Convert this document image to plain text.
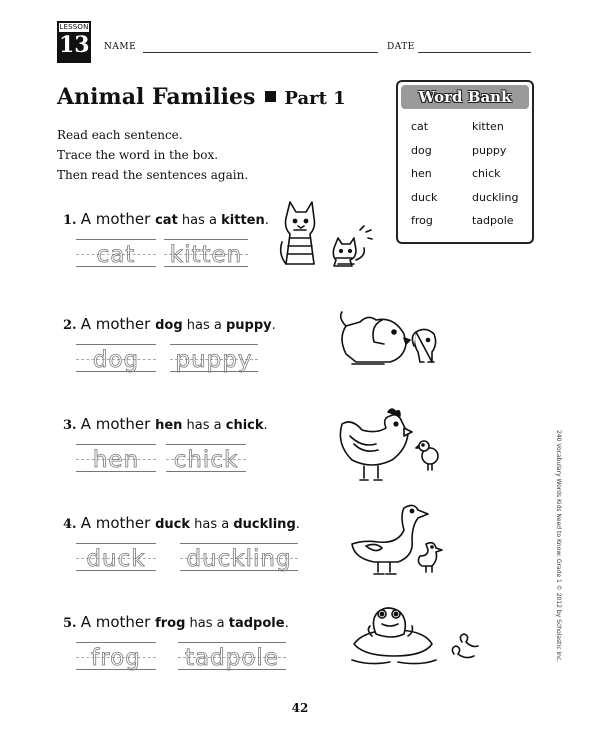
LESSON
13 NAME	DATE
Animal Families Part 1
Read each sentence.
Trace the word in the box.
Then read the sentences again.
Word Bank
cat	kitten
dog	puppy
hen	chick
duck	duckling
frog	tadpole
1. A mother cat has a kitten.
cat	kitten
2. A mother dog has a puppy.
dog	puppy
3. A mother hen has a chick.
hen	chick
4. A mother duck has a duckling.
duck	duckling
5. A mother frog has a tadpole.
frog	tadpole	240 Vocabulary Words Kids Need to Know: Grade 1 © 2012 by Scholastic Inc.
42
